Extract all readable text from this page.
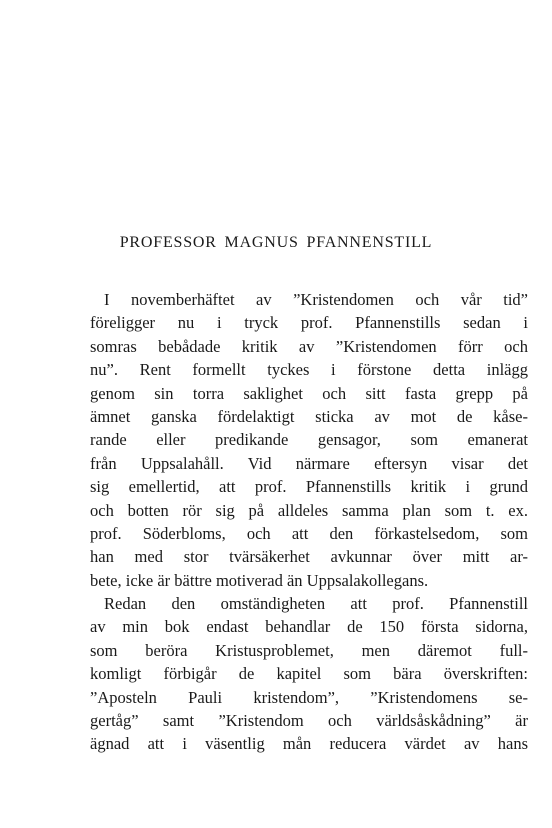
PROFESSOR MAGNUS PFANNENSTILL
I novemberhäftet av ”Kristendomen och vår tid”
föreligger nu i tryck prof. Pfannenstills sedan i
somras bebådade kritik av ”Kristendomen förr och
nu”. Rent formellt tyckes i förstone detta inlägg
genom sin torra saklighet och sitt fasta grepp på
ämnet ganska fördelaktigt sticka av mot de kåse-
rande eller predikande gensagor, som emanerat
från Uppsalahåll. Vid närmare eftersyn visar det
sig emellertid, att prof. Pfannenstills kritik i grund
och botten rör sig på alldeles samma plan som t. ex.
prof. Söderbloms, och att den förkastelsedom, som
han med stor tvärsäkerhet avkunnar över mitt ar-
bete, icke är bättre motiverad än Uppsalakollegans.
Redan den omständigheten att prof. Pfannenstill
av min bok endast behandlar de 150 första sidorna,
som beröra Kristusproblemet, men däremot full-
komligt förbigår de kapitel som bära överskriften:
”Aposteln Pauli kristendom”, ”Kristendomens se-
gertåg” samt ”Kristendom och världsåskådning” är
ägnad att i väsentlig mån reducera värdet av hans
